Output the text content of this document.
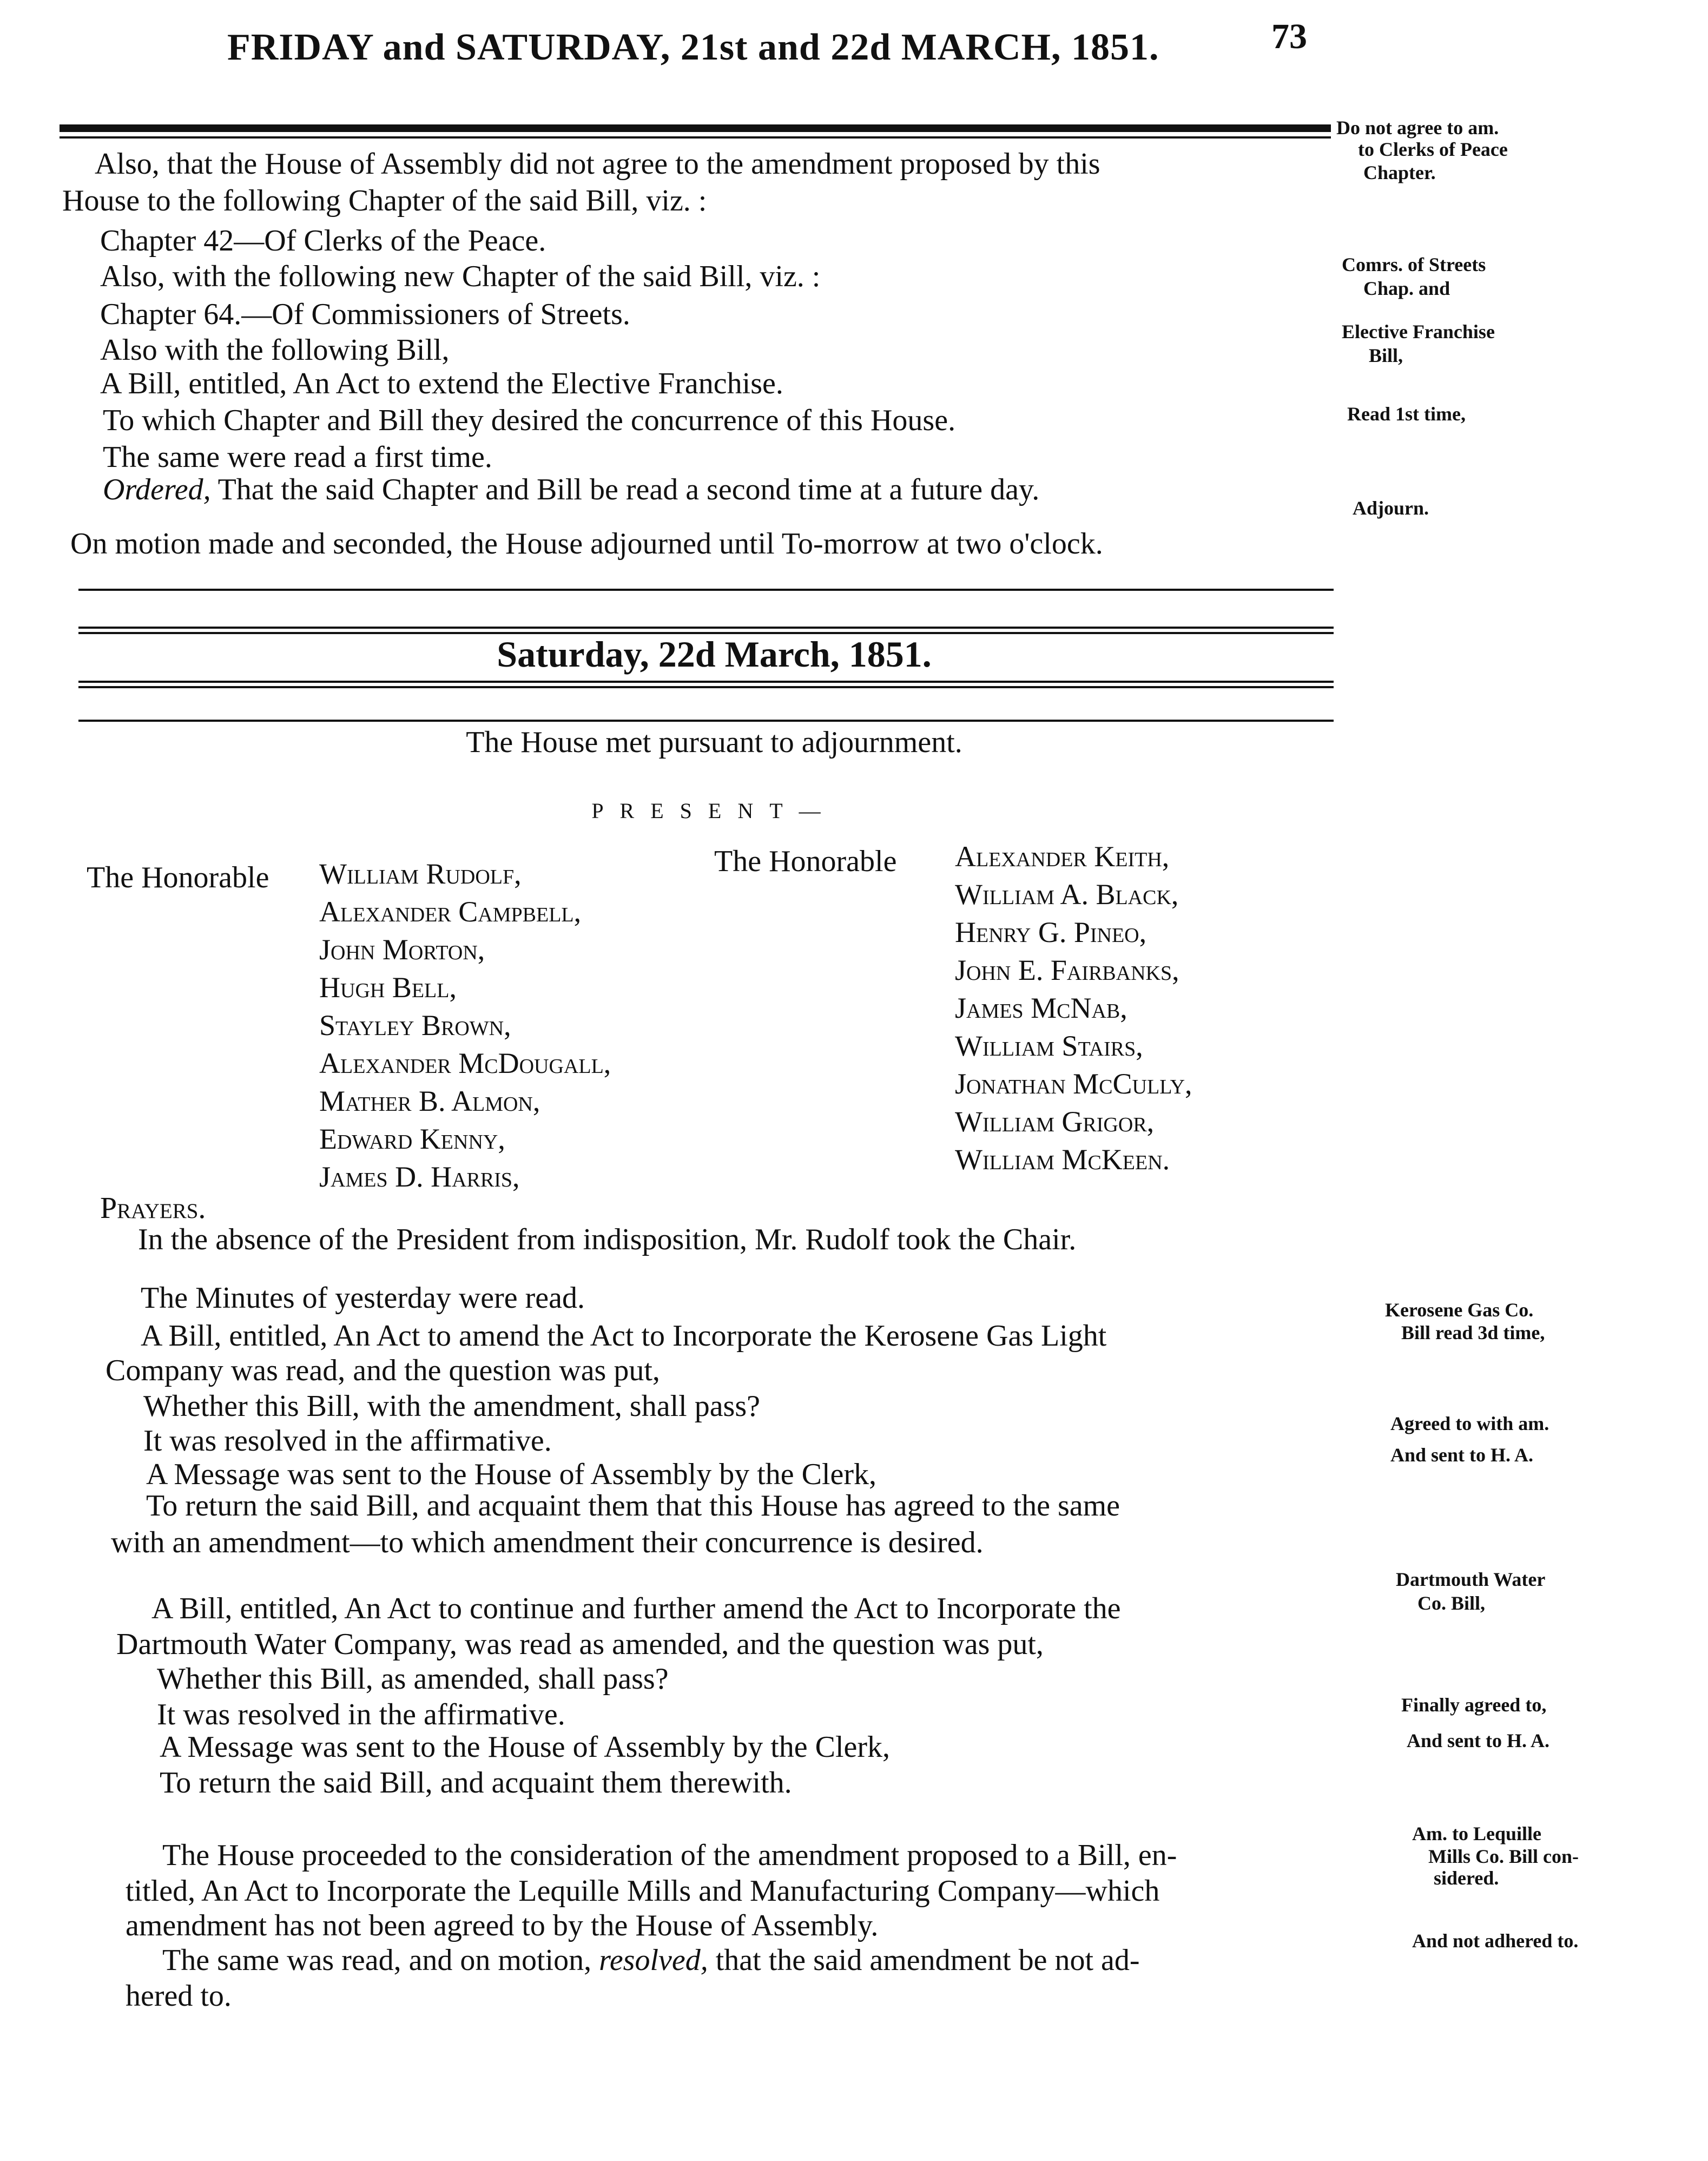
FRIDAY and SATURDAY, 21st and 22d MARCH, 1851.	73
Also, that the House of Assembly did not agree to the amendment proposed by this
House to the following Chapter of the said Bill, viz. :
Chapter 42—Of Clerks of the Peace.
Also, with the following new Chapter of the said Bill, viz. :
Chapter 64.—Of Commissioners of Streets.
Also with the following Bill,
A Bill, entitled, An Act to extend the Elective Franchise.
To which Chapter and Bill they desired the concurrence of this House.
The same were read a first time.
Ordered, That the said Chapter and Bill be read a second time at a future day.
On motion made and seconded, the House adjourned until To-morrow at two o'clock.
Do not agree to am.
to Clerks of Peace
Chapter.
Comrs. of Streets
Chap. and
Elective Franchise
Bill,
Read 1st time,
Adjourn.
Saturday, 22d March, 1851.
The House met pursuant to adjournment.
PRESENT—
The Honorable William Rudolf,
Alexander Campbell,
John Morton,
Hugh Bell,
Stayley Brown,
Alexander McDougall,
Mather B. Almon,
Edward Kenny,
James D. Harris,
The Honorable Alexander Keith,
William A. Black,
Henry G. Pineo,
John E. Fairbanks,
James McNab,
William Stairs,
Jonathan McCully,
William Grigor,
William McKeen.
Prayers.
In the absence of the President from indisposition, Mr. Rudolf took the Chair.
The Minutes of yesterday were read.
A Bill, entitled, An Act to amend the Act to Incorporate the Kerosene Gas Light
Company was read, and the question was put,
Whether this Bill, with the amendment, shall pass?
It was resolved in the affirmative.
A Message was sent to the House of Assembly by the Clerk,
To return the said Bill, and acquaint them that this House has agreed to the same
with an amendment—to which amendment their concurrence is desired.
A Bill, entitled, An Act to continue and further amend the Act to Incorporate the
Dartmouth Water Company, was read as amended, and the question was put,
Whether this Bill, as amended, shall pass?
It was resolved in the affirmative.
A Message was sent to the House of Assembly by the Clerk,
To return the said Bill, and acquaint them therewith.
The House proceeded to the consideration of the amendment proposed to a Bill, en-
titled, An Act to Incorporate the Lequille Mills and Manufacturing Company—which
amendment has not been agreed to by the House of Assembly.
The same was read, and on motion, resolved, that the said amendment be not ad-
hered to.
Kerosene Gas Co.
Bill read 3d time,
Agreed to with am.
And sent to H. A.
Dartmouth Water
Co. Bill,
Finally agreed to,
And sent to H. A.
Am. to Lequille
Mills Co. Bill con-
sidered.
And not adhered to.
